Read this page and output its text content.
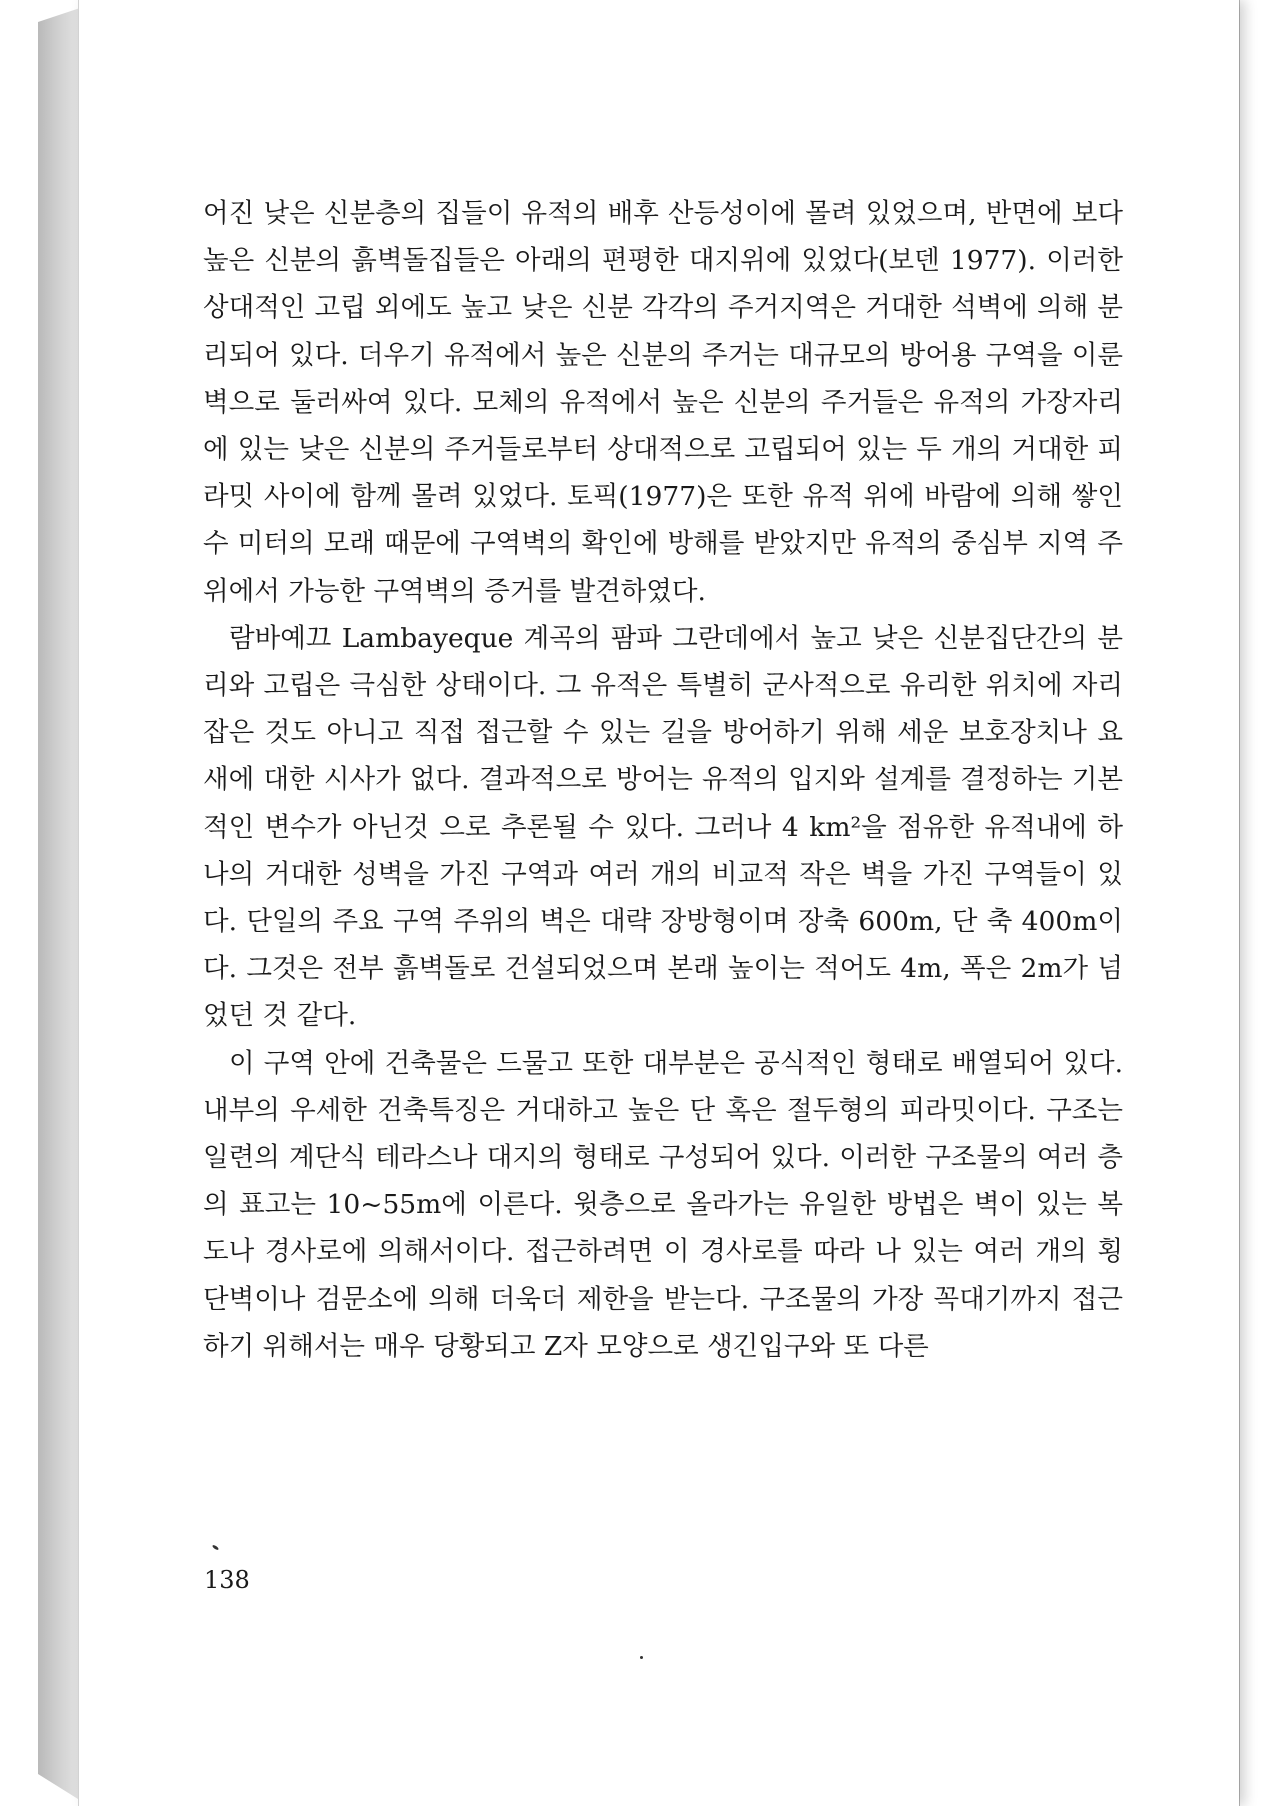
어진 낮은 신분층의 집들이 유적의 배후 산등성이에 몰려 있었으며, 반면에 보다 높은 신분의 흙벽돌집들은 아래의 편평한 대지위에 있었다(보덴 1977). 이러한 상대적인 고립 외에도 높고 낮은 신분 각각의 주거지역은 거대한 석벽에 의해 분리되어 있다. 더우기 유적에서 높은 신분의 주거는 대규모의 방어용 구역을 이룬 벽으로 둘러싸여 있다. 모체의 유적에서 높은 신분의 주거들은 유적의 가장자리에 있는 낮은 신분의 주거들로부터 상대적으로 고립되어 있는 두 개의 거대한 피라밋 사이에 함께 몰려 있었다. 토픽(1977)은 또한 유적 위에 바람에 의해 쌓인 수 미터의 모래 때문에 구역벽의 확인에 방해를 받았지만 유적의 중심부 지역 주위에서 가능한 구역벽의 증거를 발견하였다.

람바예끄 Lambayeque 계곡의 팜파 그란데에서 높고 낮은 신분집단간의 분리와 고립은 극심한 상태이다. 그 유적은 특별히 군사적으로 유리한 위치에 자리잡은 것도 아니고 직접 접근할 수 있는 길을 방어하기 위해 세운 보호장치나 요새에 대한 시사가 없다. 결과적으로 방어는 유적의 입지와 설계를 결정하는 기본적인 변수가 아닌것 으로 추론될 수 있다. 그러나 4 km²을 점유한 유적내에 하나의 거대한 성벽을 가진 구역과 여러 개의 비교적 작은 벽을 가진 구역들이 있다. 단일의 주요 구역 주위의 벽은 대략 장방형이며 장축 600m, 단 축 400m이다. 그것은 전부 흙벽돌로 건설되었으며 본래 높이는 적어도 4m, 폭은 2m가 넘었던 것 같다.

이 구역 안에 건축물은 드물고 또한 대부분은 공식적인 형태로 배열되어 있다. 내부의 우세한 건축특징은 거대하고 높은 단 혹은 절두형의 피라밋이다. 구조는 일련의 계단식 테라스나 대지의 형태로 구성되어 있다. 이러한 구조물의 여러 층의 표고는 10~55m에 이른다. 윗층으로 올라가는 유일한 방법은 벽이 있는 복도나 경사로에 의해서이다. 접근하려면 이 경사로를 따라 나 있는 여러 개의 횡단벽이나 검문소에 의해 더욱더 제한을 받는다. 구조물의 가장 꼭대기까지 접근하기 위해서는 매우 당황되고 Z자 모양으로 생긴입구와 또 다른

138
